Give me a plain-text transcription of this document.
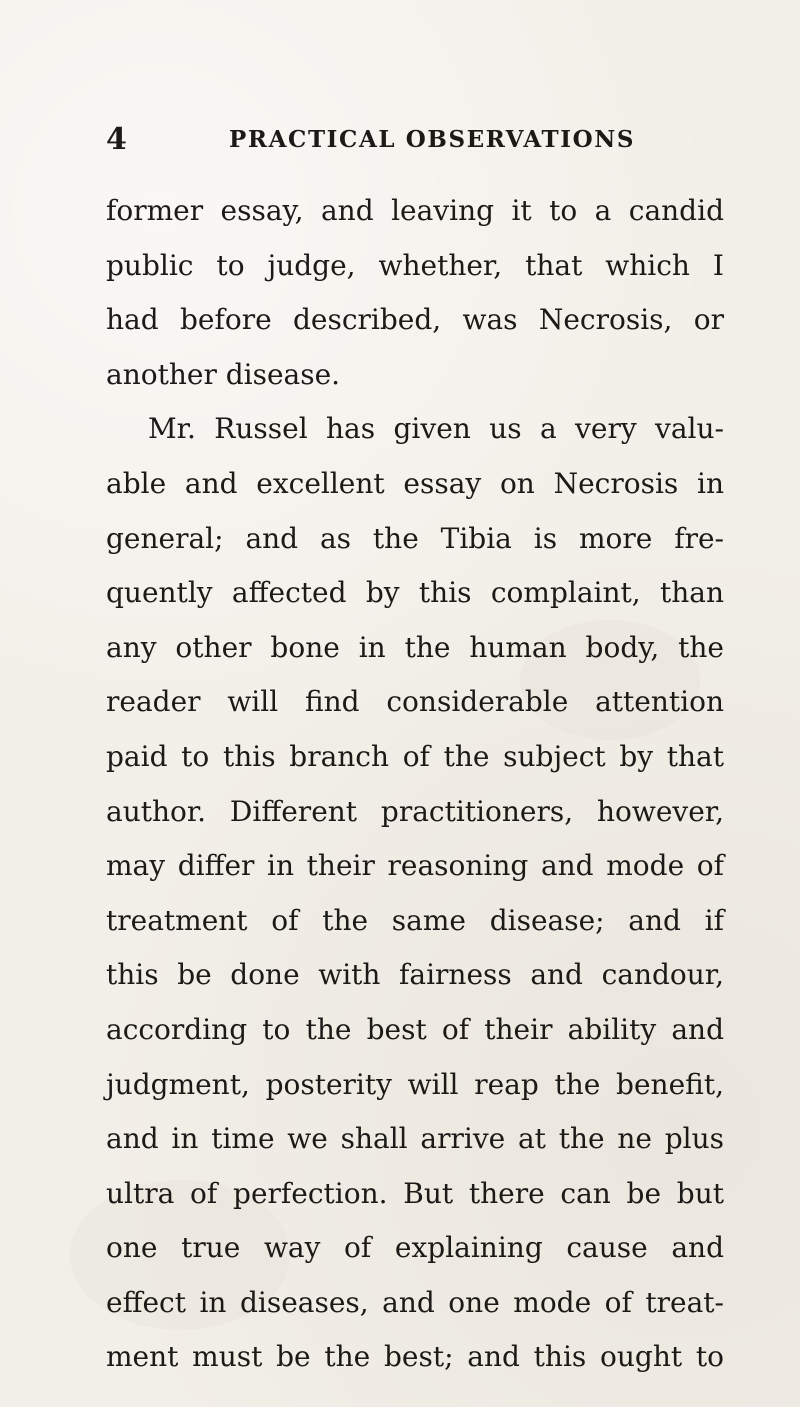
4	PRACTICAL OBSERVATIONS
former essay, and leaving it to a candid
public to judge, whether, that which I
had before described, was Necrosis, or
another disease.
Mr. Russel has given us a very valu-
able and excellent essay on Necrosis in
general; and as the Tibia is more fre-
quently affected by this complaint, than
any other bone in the human body, the
reader will find considerable attention
paid to this branch of the subject by that
author. Different practitioners, however,
may differ in their reasoning and mode of
treatment of the same disease; and if
this be done with fairness and candour,
according to the best of their ability and
judgment, posterity will reap the benefit,
and in time we shall arrive at the ne plus
ultra of perfection. But there can be but
one true way of explaining cause and
effect in diseases, and one mode of treat-
ment must be the best; and this ought to
